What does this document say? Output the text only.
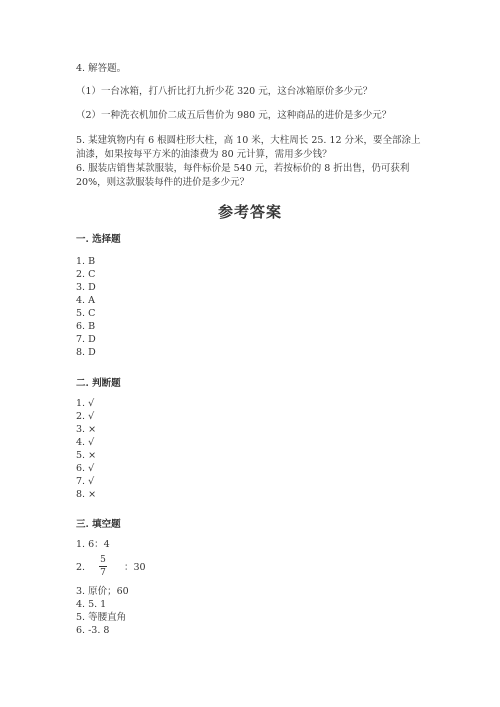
4. 解答题。
（1）一台冰箱，打八折比打九折少花 320 元，这台冰箱原价多少元？
（2）一种洗衣机加价二成五后售价为 980 元，这种商品的进价是多少元？
5. 某建筑物内有 6 根圆柱形大柱，高 10 米，大柱周长 25. 12 分米，要全部涂上
油漆，如果按每平方米的油漆费为 80 元计算，需用多少钱？
6. 服装店销售某款服装，每件标价是 540 元，若按标价的 8 折出售，仍可获利
20%，则这款服装每件的进价是多少元？
参考答案
一. 选择题
1. B
2. C
3. D
4. A
5. C
6. B
7. D
8. D
二. 判断题
1. √
2. √
3. ×
4. √
5. ×
6. √
7. √
8. ×
三. 填空题
1. 6：4
2.
5
7 ：30
3. 原价；60
4. 5. 1
5. 等腰直角
6. -3. 8
